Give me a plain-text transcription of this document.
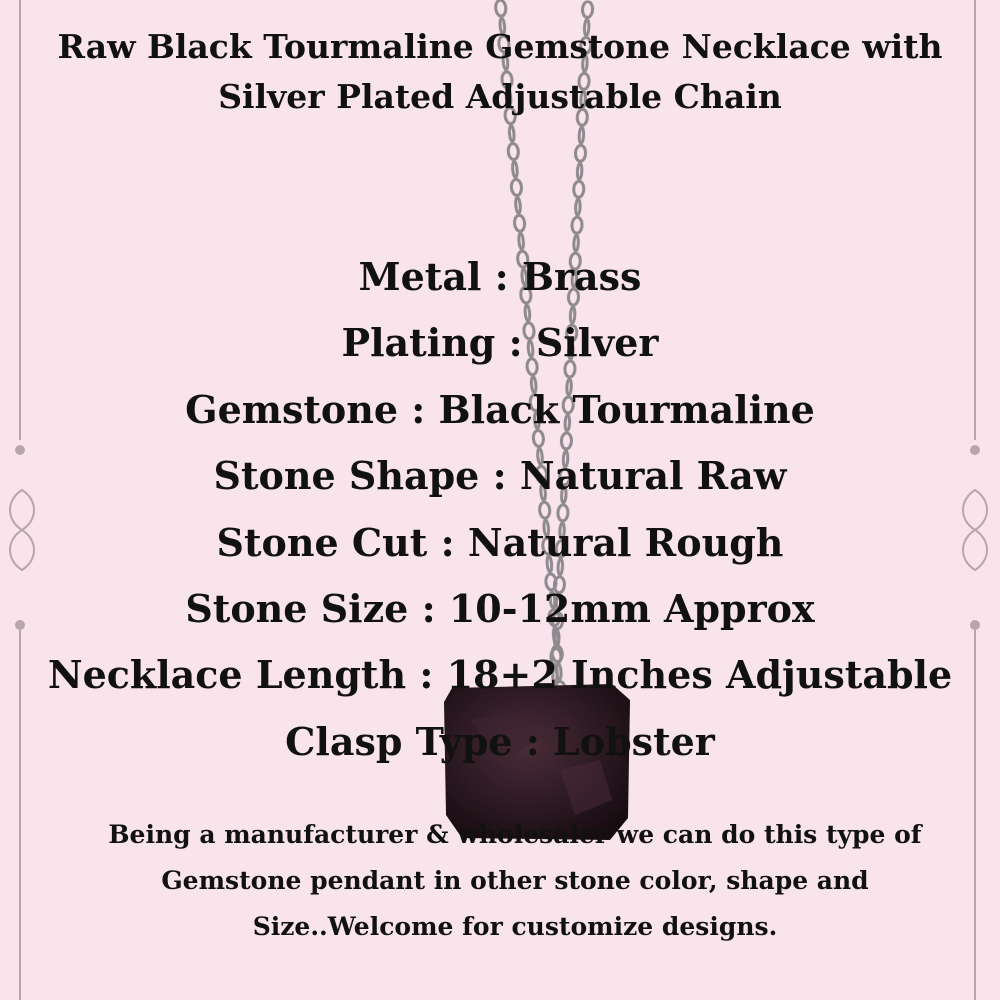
Raw Black Tourmaline Gemstone Necklace with
Silver Plated Adjustable Chain
Metal : Brass
Plating : Silver
Gemstone : Black Tourmaline
Stone Shape : Natural Raw
Stone Cut : Natural Rough
Stone Size : 10-12mm Approx
Necklace Length : 18+2 Inches Adjustable
Clasp Type : Lobster
Being a manufacturer & wholesaler we can do this type of
Gemstone pendant in other stone color, shape and
Size..Welcome for customize designs.
